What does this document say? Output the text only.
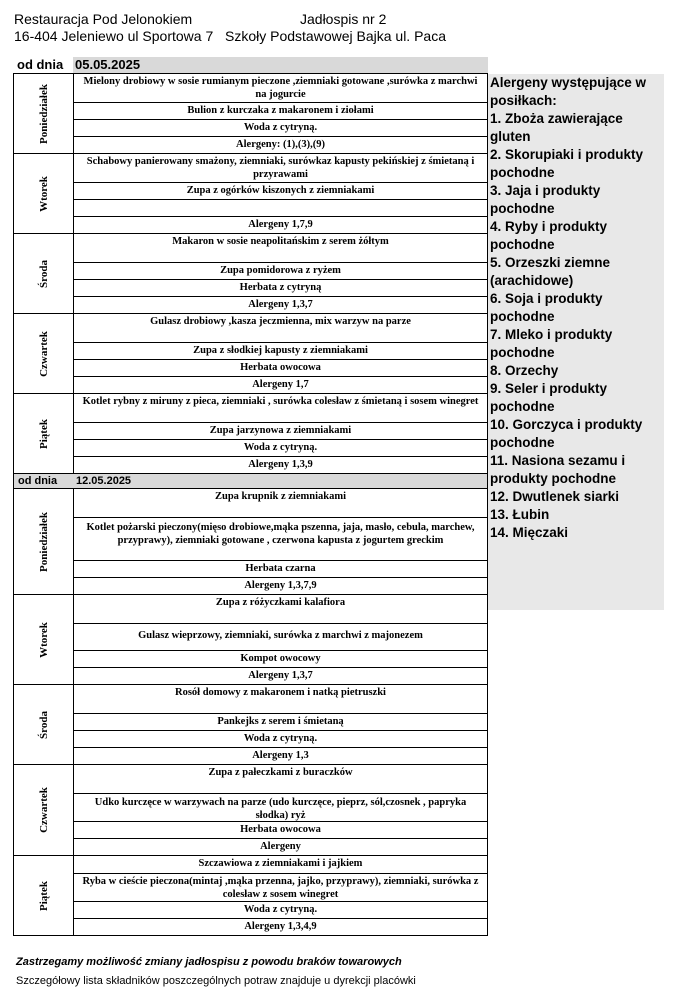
Restauracja Pod Jelonokiem
16-404 Jeleniewo ul Sportowa 7
Jadłospis nr 2
Szkoły Podstawowej Bajka ul. Paca
od dnia 05.05.2025
Poniedziałek
Mielony drobiowy w sosie rumianym pieczone ,ziemniaki gotowane ,surówka z marchwi na jogurcie
Bulion z kurczaka z makaronem i ziołami
Woda z cytryną.
Alergeny: (1),(3),(9)
Wtorek
Schabowy panierowany smażony, ziemniaki, surówkaz kapusty pekińskiej z śmietaną i przyrawami
Zupa z ogórków kiszonych z ziemniakami
Alergeny 1,7,9
Środa
Makaron w sosie neapolitańskim z serem żółtym
Zupa pomidorowa z ryżem
Herbata z cytryną
Alergeny 1,3,7
Czwartek
Gulasz drobiowy ,kasza jeczmienna, mix warzyw na parze
Zupa z słodkiej kapusty z ziemniakami
Herbata owocowa
Alergeny 1,7
Piątek
Kotlet rybny z miruny z pieca, ziemniaki , surówka colesław z śmietaną i sosem winegret
Zupa jarzynowa z ziemniakami
Woda z cytryną.
Alergeny 1,3,9
od dnia	12.05.2025
Poniedziałek
Zupa krupnik z ziemniakami
Kotlet pożarski pieczony(mięso drobiowe,mąka pszenna, jaja, masło, cebula, marchew, przyprawy), ziemniaki gotowane , czerwona kapusta z jogurtem greckim
Herbata czarna
Alergeny 1,3,7,9
Wtorek
Zupa z różyczkami kalafiora
Gulasz wieprzowy, ziemniaki, surówka z marchwi z majonezem
Kompot owocowy
Alergeny 1,3,7
Środa
Rosół domowy z makaronem i natką pietruszki
Pankejks z serem i śmietaną
Woda z cytryną.
Alergeny 1,3
Czwartek
Zupa z pałeczkami z buraczków
Udko kurczęce w warzywach na parze (udo kurczęce, pieprz, sól,czosnek , papryka słodka) ryż
Herbata owocowa
Alergeny
Piątek
Szczawiowa z ziemniakami i jajkiem
Ryba w cieście pieczona(mintaj ,mąka przenna, jajko, przyprawy), ziemniaki, surówka z colesław z sosem winegret
Woda z cytryną.
Alergeny 1,3,4,9
Alergeny występujące w posiłkach:
1. Zboża zawierające gluten
2. Skorupiaki i produkty pochodne
3. Jaja i produkty pochodne
4. Ryby i produkty pochodne
5. Orzeszki ziemne (arachidowe)
6. Soja i produkty pochodne
7. Mleko i produkty pochodne
8. Orzechy
9. Seler i produkty pochodne
10. Gorczyca i produkty pochodne
11. Nasiona sezamu i produkty pochodne
12. Dwutlenek siarki
13. Łubin
14. Mięczaki
Zastrzegamy możliwość zmiany jadłospisu z powodu braków towarowych
Szczegółowy lista składników poszczególnych potraw znajduje u dyrekcji placówki
